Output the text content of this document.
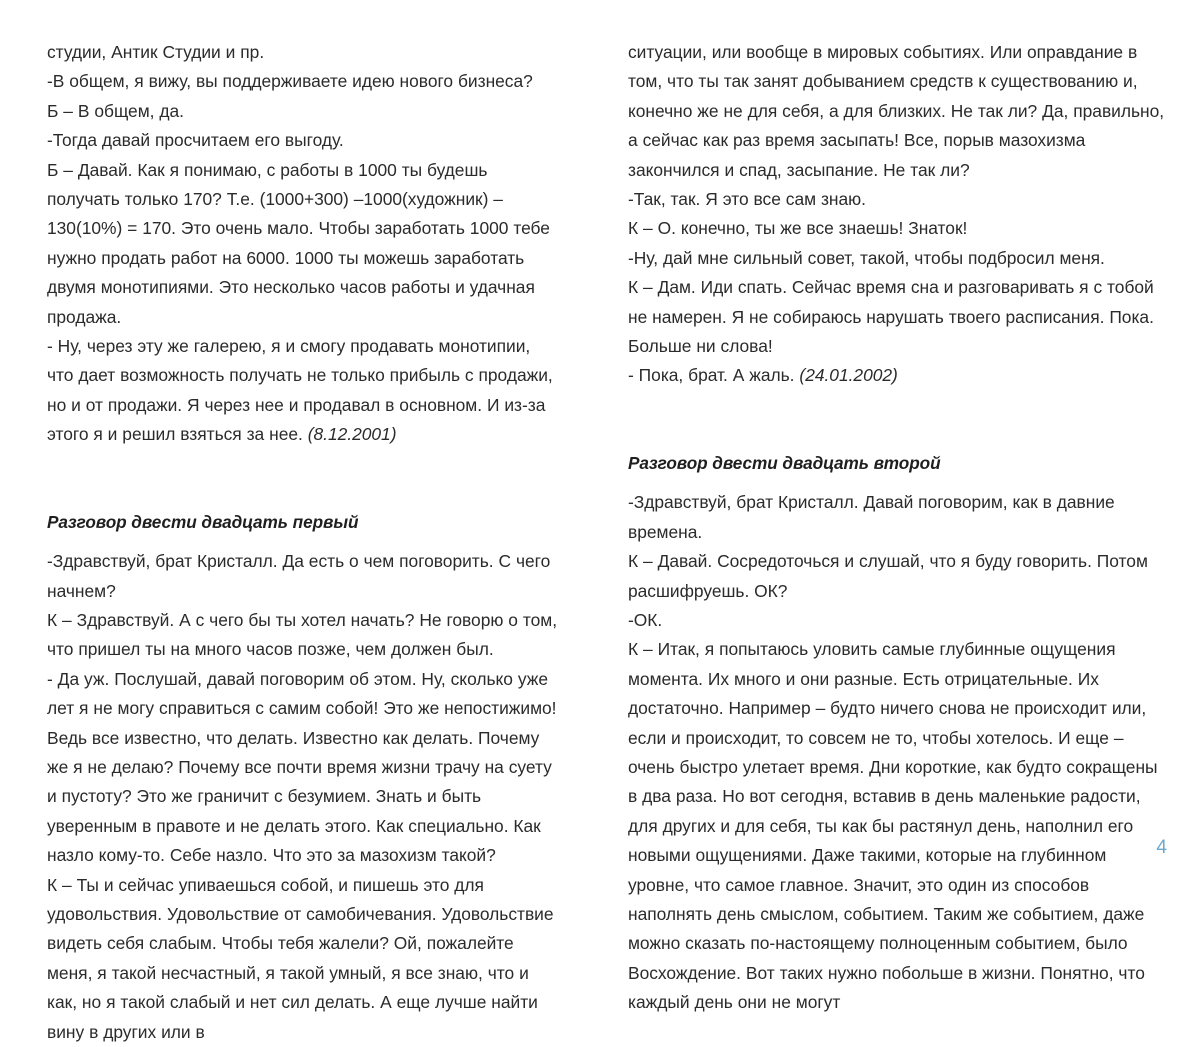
студии, Антик Студии и пр.

-В общем, я вижу, вы поддерживаете идею нового бизнеса?

Б – В общем, да.

-Тогда давай просчитаем его выгоду.

Б – Давай. Как я понимаю, с работы в 1000 ты будешь получать только 170? Т.е. (1000+300) –1000(художник) – 130(10%) = 170. Это очень мало. Чтобы заработать 1000 тебе нужно продать работ на 6000. 1000 ты можешь заработать двумя монотипиями. Это несколько часов работы и удачная продажа.

- Ну, через эту же галерею, я и смогу продавать монотипии, что дает возможность получать не только прибыль с продажи, но и от продажи. Я через нее и продавал в основном. И из-за этого я и решил взяться за нее. (8.12.2001)

Разговор двести двадцать первый

-Здравствуй, брат Кристалл. Да есть о чем поговорить. С чего начнем?

К – Здравствуй. А с чего бы ты хотел начать? Не говорю о том, что пришел ты на много часов позже, чем должен был.

- Да уж. Послушай, давай поговорим об этом. Ну, сколько уже лет я не могу справиться с самим собой! Это же непостижимо! Ведь все известно, что делать. Известно как делать. Почему же я не делаю? Почему все почти время жизни трачу на суету и пустоту? Это же граничит с безумием. Знать и быть уверенным в правоте и не делать этого. Как специально. Как назло кому-то. Себе назло. Что это за мазохизм такой?

К – Ты и сейчас упиваешься собой, и пишешь это для удовольствия. Удовольствие от самобичевания. Удовольствие видеть себя слабым. Чтобы тебя жалели? Ой, пожалейте меня, я такой несчастный, я такой умный, я все знаю, что и как, но я такой слабый и нет сил делать. А еще лучше найти вину в других или в

ситуации, или вообще в мировых событиях. Или оправдание в том, что ты так занят добыванием средств к существованию и, конечно же не для себя, а для близких. Не так ли? Да, правильно, а сейчас как раз время засыпать! Все, порыв мазохизма закончился и спад, засыпание. Не так ли?

-Так, так. Я это все сам знаю.

К – О. конечно, ты же все знаешь! Знаток!

-Ну, дай мне сильный совет, такой, чтобы подбросил меня.

К – Дам. Иди спать. Сейчас время сна и разговаривать я с тобой не намерен. Я не собираюсь нарушать твоего расписания. Пока. Больше ни слова!

- Пока, брат. А жаль. (24.01.2002)

Разговор двести двадцать второй

-Здравствуй, брат Кристалл. Давай поговорим, как в давние времена.

К – Давай. Сосредоточься и слушай, что я буду говорить. Потом расшифруешь. ОК?

-ОК.

К – Итак, я попытаюсь уловить самые глубинные ощущения момента. Их много и они разные. Есть отрицательные. Их достаточно. Например – будто ничего снова не происходит или, если и происходит, то совсем не то, чтобы хотелось. И еще – очень быстро улетает время. Дни короткие, как будто сокращены в два раза. Но вот сегодня, вставив в день маленькие радости, для других и для себя, ты как бы растянул день, наполнил его новыми ощущениями. Даже такими, которые на глубинном уровне, что самое главное. Значит, это один из способов наполнять день смыслом, событием. Таким же событием, даже можно сказать по-настоящему полноценным событием, было Восхождение. Вот таких нужно побольше в жизни. Понятно, что каждый день они не могут

4
